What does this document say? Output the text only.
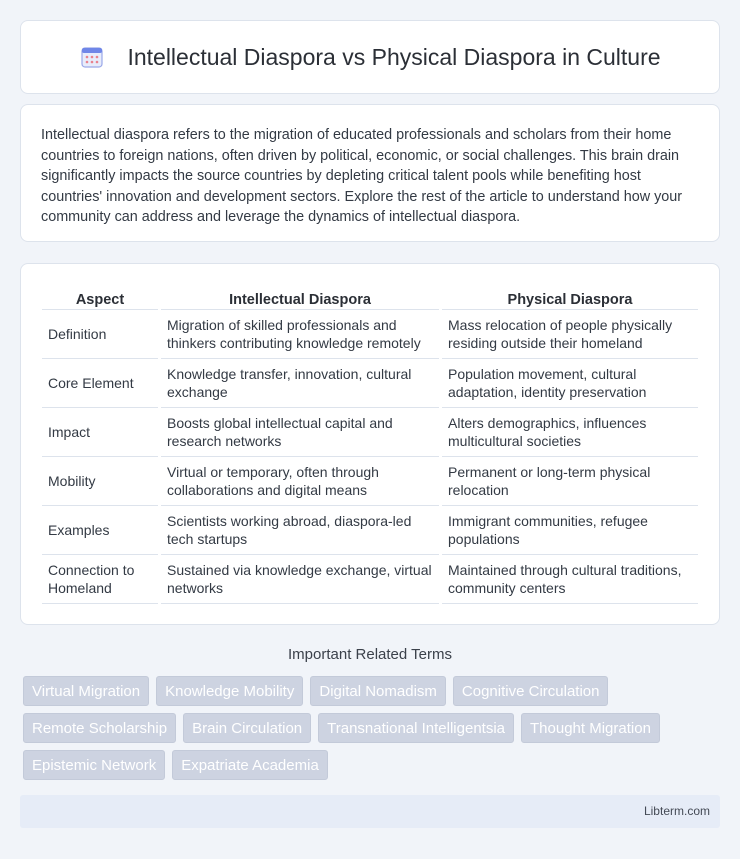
Intellectual Diaspora vs Physical Diaspora in Culture

Intellectual diaspora refers to the migration of educated professionals and scholars from their home countries to foreign nations, often driven by political, economic, or social challenges. This brain drain significantly impacts the source countries by depleting critical talent pools while benefiting host countries' innovation and development sectors. Explore the rest of the article to understand how your community can address and leverage the dynamics of intellectual diaspora.

Aspect	Intellectual Diaspora	Physical Diaspora
Definition	Migration of skilled professionals and thinkers contributing knowledge remotely	Mass relocation of people physically residing outside their homeland
Core Element	Knowledge transfer, innovation, cultural exchange	Population movement, cultural adaptation, identity preservation
Impact	Boosts global intellectual capital and research networks	Alters demographics, influences multicultural societies
Mobility	Virtual or temporary, often through collaborations and digital means	Permanent or long-term physical relocation
Examples	Scientists working abroad, diaspora-led tech startups	Immigrant communities, refugee populations
Connection to Homeland	Sustained via knowledge exchange, virtual networks	Maintained through cultural traditions, community centers
Important Related Terms
Virtual Migration	Knowledge Mobility	Digital Nomadism	Cognitive Circulation
Remote Scholarship	Brain Circulation	Transnational Intelligentsia	Thought Migration
Epistemic Network	Expatriate Academia
Libterm.com
